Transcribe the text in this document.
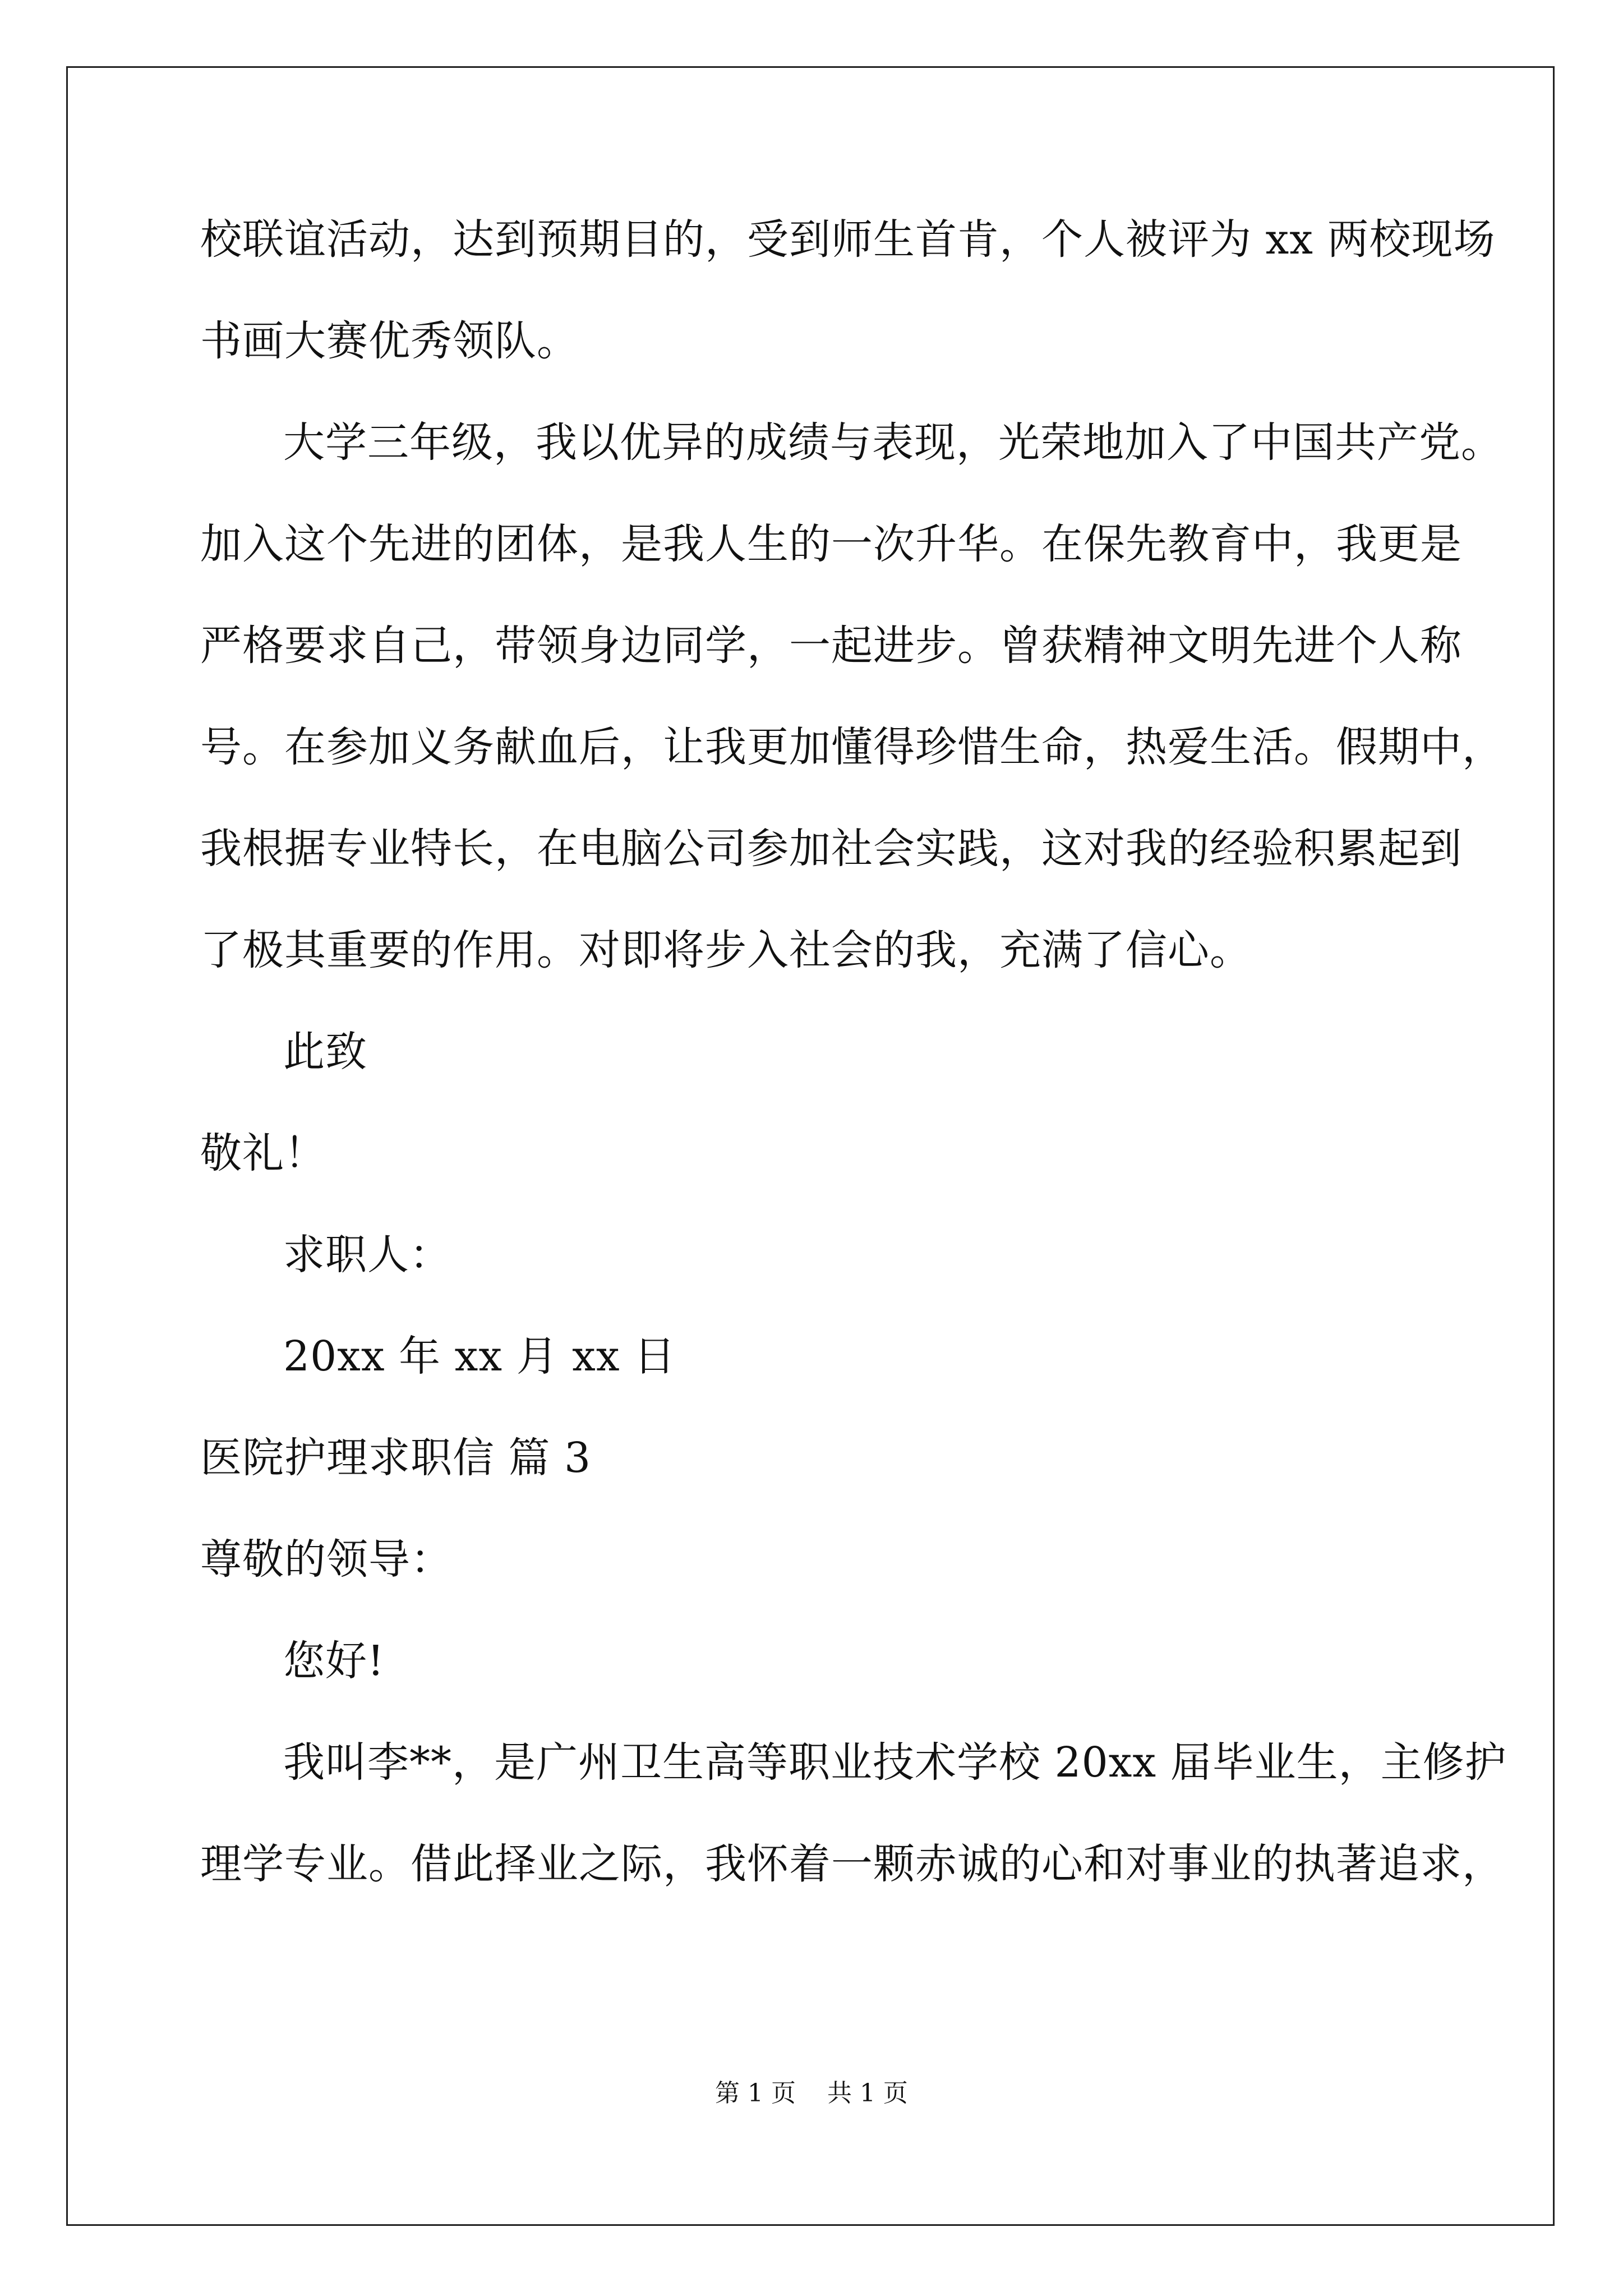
校联谊活动，达到预期目的，受到师生首肯，个人被评为 xx 两校现场
书画大赛优秀领队。
大学三年级，我以优异的成绩与表现，光荣地加入了中国共产党。
加入这个先进的团体，是我人生的一次升华。在保先教育中，我更是
严格要求自己，带领身边同学，一起进步。曾获精神文明先进个人称
号。在参加义务献血后，让我更加懂得珍惜生命，热爱生活。假期中，
我根据专业特长，在电脑公司参加社会实践，这对我的经验积累起到
了极其重要的作用。对即将步入社会的我，充满了信心。
此致
敬礼！
求职人：
20xx 年 xx 月 xx 日
医院护理求职信 篇 3
尊敬的领导：
您好!
我叫李**，是广州卫生高等职业技术学校 20xx 届毕业生，主修护
理学专业。借此择业之际，我怀着一颗赤诚的心和对事业的执著追求，
第 1 页    共 1 页
